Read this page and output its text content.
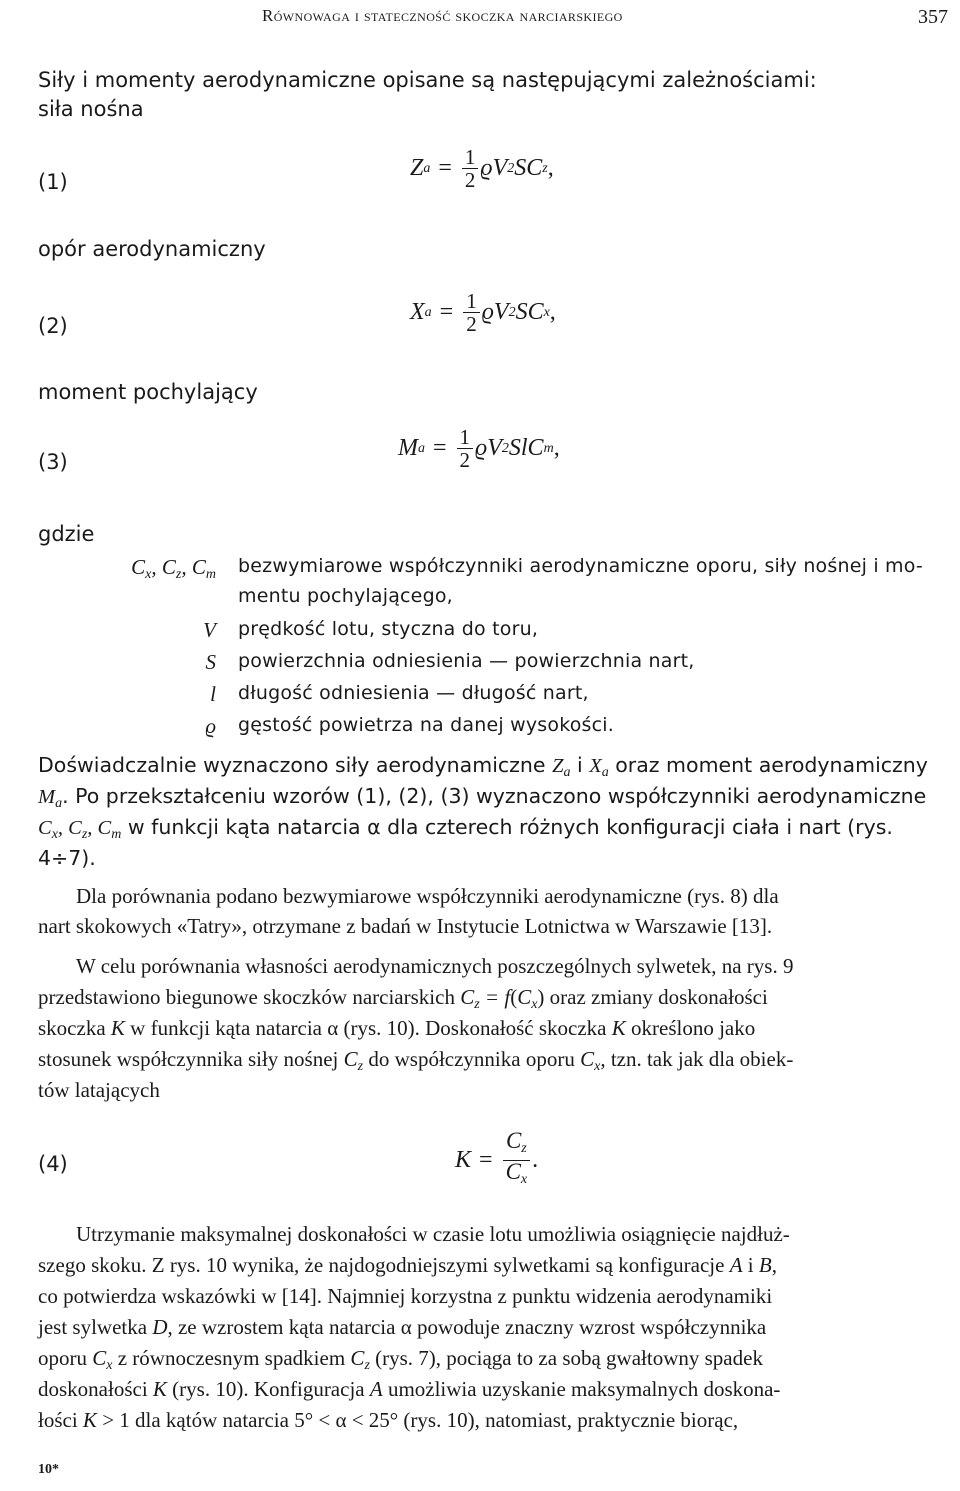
Równowaga i stateczność skoczka narciarskiego	357
Siły i momenty aerodynamiczne opisane są następującymi zależnościami:
siła nośna
(1)
Z $a = \frac{1}{2}$ ϱV 2 SC z ,
opór aerodynamiczny
(2)
X $a = \frac{1}{2}$ ϱV 2 SC x ,
moment pochylający
(3)
M $a = \frac{1}{2}$ ϱV 2 SlC m ,
gdzie
$C_x$, $C_z$, $C_m$ bezwymiarowe współczynniki aerodynamiczne oporu, siły nośnej i mo-
mentu pochylającego,
V prędkość lotu, styczna do toru,
S powierzchnia odniesienia — powierzchnia nart,
l długość odniesienia — długość nart,
ϱ gęstość powietrza na danej wysokości.
Doświadczalnie wyznaczono siły aerodynamiczne $Z_a$ i $X_a$ oraz moment aerodynamiczny
$M_a$. Po przekształceniu wzorów (1), (2), (3) wyznaczono współczynniki aerodynamiczne
$C_x$, $C_z$, $C_m$ w funkcji kąta natarcia α dla czterech różnych konfiguracji ciała i nart (rys.
4÷7).
Dla porównania podano bezwymiarowe współczynniki aerodynamiczne (rys. 8) dla
nart skokowych «Tatry», otrzymane z badań w Instytucie Lotnictwa w Warszawie [13].
W celu porównania własności aerodynamicznych poszczególnych sylwetek, na rys. 9
przedstawiono biegunowe skoczków narciarskich $C_z = f(C_x)$ oraz zmiany doskonałości
skoczka K w funkcji kąta natarcia α (rys. 10). Doskonałość skoczka K określono jako
stosunek współczynnika siły nośnej $C_z$ do współczynnika oporu $C_x$, tzn. tak jak dla obiek-
tów latających
(4)	$K = \frac{C_z}{C_x}$ .
Utrzymanie maksymalnej doskonałości w czasie lotu umożliwia osiągnięcie najdłuż-
szego skoku. Z rys. 10 wynika, że najdogodniejszymi sylwetkami są konfiguracje A i B,
co potwierdza wskazówki w [14]. Najmniej korzystna z punktu widzenia aerodynamiki
jest sylwetka D, ze wzrostem kąta natarcia α powoduje znaczny wzrost współczynnika
oporu $C_x$ z równoczesnym spadkiem $C_z$ (rys. 7), pociąga to za sobą gwałtowny spadek
doskonałości K (rys. 10). Konfiguracja A umożliwia uzyskanie maksymalnych doskona-
łości K > 1 dla kątów natarcia 5° < α < 25° (rys. 10), natomiast, praktycznie biorąc,
10*
